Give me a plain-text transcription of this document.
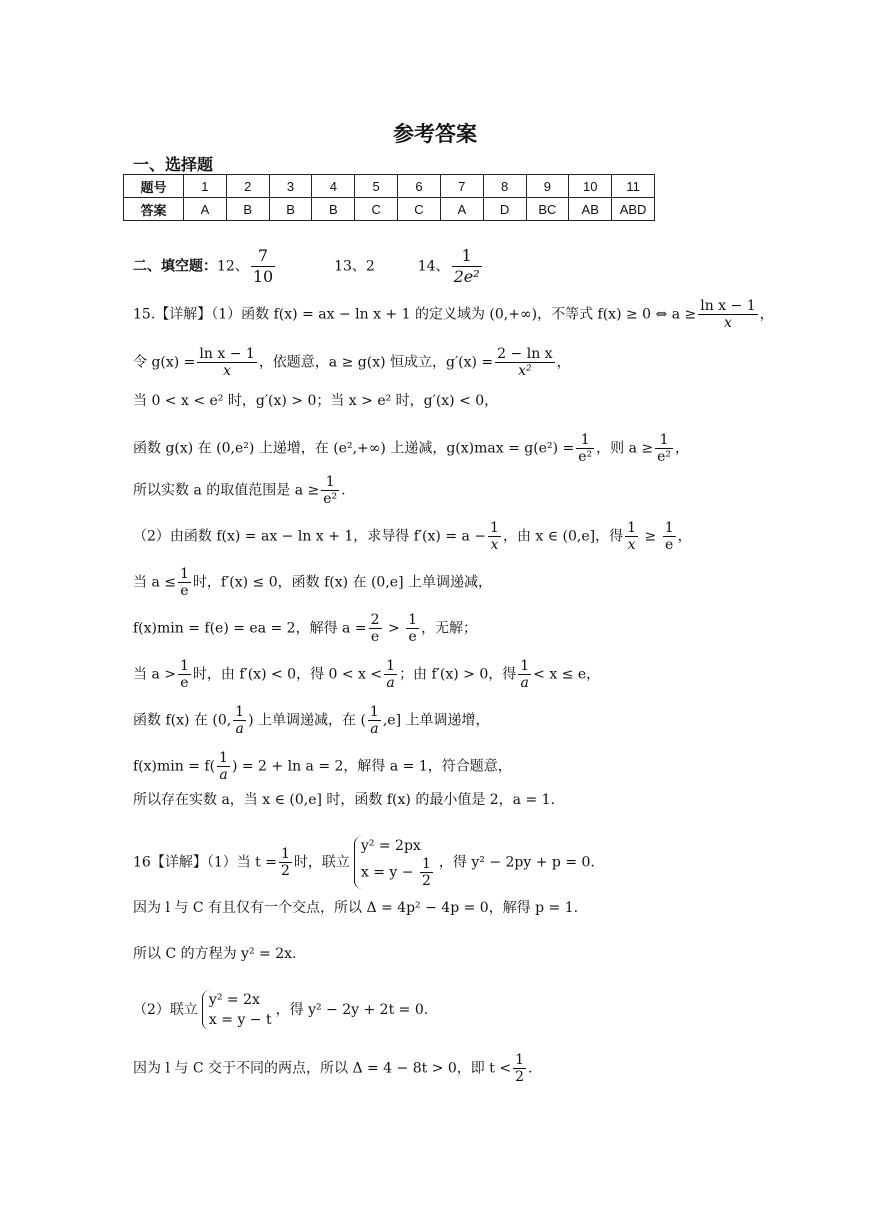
参考答案
一、选择题
题号	1	2	3	4	5	6	7	8	9	10	11
答案	A	B	B	B	C	C	A	D	BC	AB	ABD
二、填空题：12、 $\frac{7}{10}$	13、2	14、 $\frac{1}{\text{2e²}}$
15.【详解】（1）函数 f(x) = ax − ln x + 1 的定义域为 (0,+∞)，不等式 f(x) ≥ 0 ⇔ $a \ge \frac{\text{ln x − 1}}{x}$ ，
令 $g(x) = \frac{\text{ln x − 1}}{x}$ ，依题意，a ≥ g(x) 恒成立，$g'(x) = \frac{\text{2 − ln x}}{\text{x²}}$ ，
当 0 < x < e² 时，g′(x) > 0；当 x > e² 时，g′(x) < 0，
函数 g(x) 在 (0,e²) 上递增，在 (e²,+∞) 上递减，$g(x)\max = g(e^2) = \frac{1}{\text{e²}}$ ，则 $a \ge \frac{1}{\text{e²}}$ ，
所以实数 a 的取值范围是 $a \ge \frac{1}{\text{e²}}$ .
（2）由函数 f(x) = ax − ln x + 1，求导得 $f'(x) = a - \frac{1}{x}$ ，由 x ∈ (0,e]，得 $\frac{1}{x} \ge \frac{1}{e}$ ，
当 $a \le \frac{1}{e}$ 时，f′(x) ≤ 0，函数 f(x) 在 (0,e] 上单调递减，
f(x)min = f(e) = ea = 2，解得 $a = \frac{2}{e} > \frac{1}{e}$ ，无解；
当 $a > \frac{1}{e}$ 时，由 f′(x) < 0，得 $0 < x < \frac{1}{a}$ ；由 f′(x) > 0，得 $\frac{1}{a} < x \le e$，
函数 f(x) 在 (0, $\frac{1}{a}$ ) 上单调递减，在 ( $\frac{1}{a} ,e$] 上单调递增，
$f(x)\min = f( \frac{1}{a}$ ) = 2 + ln a = 2，解得 a = 1，符合题意，
所以存在实数 a，当 x ∈ (0,e] 时，函数 f(x) 的最小值是 2，a = 1.
16【详解】（1）当 $t = \frac{1}{2}$ 时，联立
y² = 2px
$x = y - \frac{1}{2}$ ，得 y² − 2py + p = 0.
因为 l 与 C 有且仅有一个交点，所以 Δ = 4p² − 4p = 0，解得 p = 1.
所以 C 的方程为 y² = 2x.
（2）联立
y² = 2x
x = y − t
，得 y² − 2y + 2t = 0.
因为 l 与 C 交于不同的两点，所以 Δ = 4 − 8t > 0，即 $t < \frac{1}{2}$ .
